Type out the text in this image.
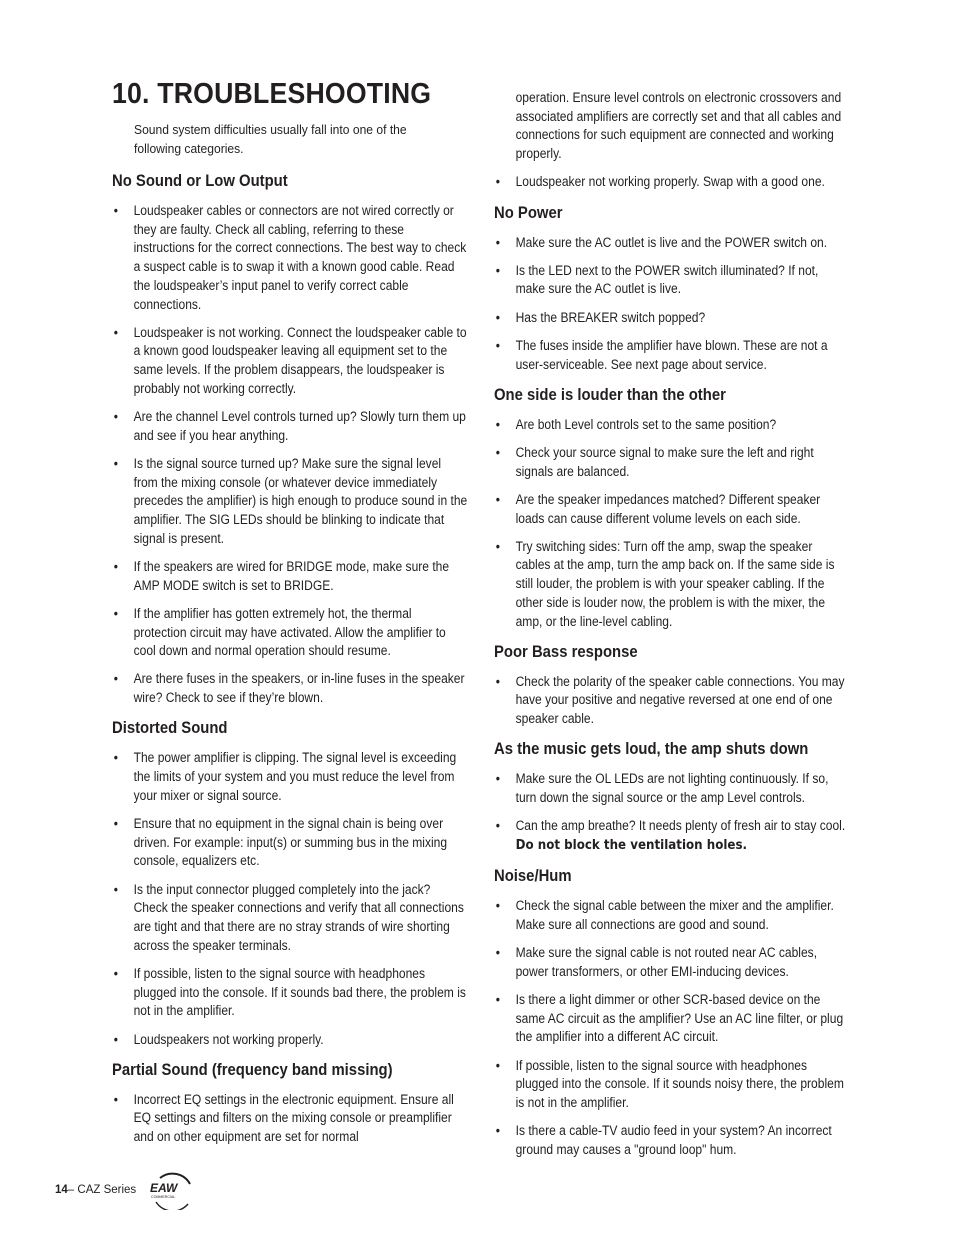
10. TROUBLESHOOTING

Sound system difficulties usually fall into one of the following categories.

No Sound or Low Output
•	Loudspeaker cables or connectors are not wired correctly or they are faulty. Check all cabling, referring to these instructions for the correct connections. The best way to check a suspect cable is to swap it with a known good cable. Read the loudspeaker’s input panel to verify correct cable connections.
•	Loudspeaker is not working. Connect the loudspeaker cable to a known good loudspeaker leaving all equipment set to the same levels. If the problem disappears, the loudspeaker is probably not working correctly.
•	Are the channel Level controls turned up? Slowly turn them up and see if you hear anything.
•	Is the signal source turned up? Make sure the signal level from the mixing console (or whatever device immediately precedes the amplifier) is high enough to produce sound in the amplifier. The SIG LEDs should be blinking to indicate that signal is present.
•	If the speakers are wired for BRIDGE mode, make sure the AMP MODE switch is set to BRIDGE.
•	If the amplifier has gotten extremely hot, the thermal protection circuit may have activated. Allow the amplifier to cool down and normal operation should resume.
•	Are there fuses in the speakers, or in-line fuses in the speaker wire? Check to see if they’re blown.
Distorted Sound
•	The power amplifier is clipping. The signal level is exceeding the limits of your system and you must reduce the level from your mixer or signal source.
•	Ensure that no equipment in the signal chain is being over driven. For example: input(s) or summing bus in the mixing console, equalizers etc.
•	Is the input connector plugged completely into the jack? Check the speaker connections and verify that all connections are tight and that there are no stray strands of wire shorting across the speaker terminals.
•	If possible, listen to the signal source with headphones plugged into the console. If it sounds bad there, the problem is not in the amplifier.
•	Loudspeakers not working properly.
Partial Sound (frequency band missing)
•	Incorrect EQ settings in the electronic equipment. Ensure all EQ settings and filters on the mixing console or preamplifier and on other equipment are set for normal

operation. Ensure level controls on electronic crossovers and associated amplifiers are correctly set and that all cables and connections for such equipment are connected and working properly.

•	Loudspeaker not working properly. Swap with a good one.
No Power
•	Make sure the AC outlet is live and the POWER switch on.
•	Is the LED next to the POWER switch illuminated? If not, make sure the AC outlet is live.
•	Has the BREAKER switch popped?
•	The fuses inside the amplifier have blown. These are not a user-serviceable. See next page about service.
One side is louder than the other
•	Are both Level controls set to the same position?
•	Check your source signal to make sure the left and right signals are balanced.
•	Are the speaker impedances matched? Different speaker loads can cause different volume levels on each side.
•	Try switching sides: Turn off the amp, swap the speaker cables at the amp, turn the amp back on. If the same side is still louder, the problem is with your speaker cabling. If the other side is louder now, the problem is with the mixer, the amp, or the line-level cabling.
Poor Bass response
•	Check the polarity of the speaker cable connections. You may have your positive and negative reversed at one end of one speaker cable.
As the music gets loud, the amp shuts down
•	Make sure the OL LEDs are not lighting continuously. If so, turn down the signal source or the amp Level controls.
•	Can the amp breathe? It needs plenty of fresh air to stay cool. Do not block the ventilation holes.
Noise/Hum
•	Check the signal cable between the mixer and the amplifier. Make sure all connections are good and sound.
•	Make sure the signal cable is not routed near AC cables, power transformers, or other EMI-inducing devices.
•	Is there a light dimmer or other SCR-based device on the same AC circuit as the amplifier? Use an AC line filter, or plug the amplifier into a different AC circuit.
•	If possible, listen to the signal source with headphones plugged into the console. If it sounds noisy there, the problem is not in the amplifier.
•	Is there a cable-TV audio feed in your system? An incorrect ground may causes a "ground loop" hum.
14 – CAZ Series EAW
COMMERCIAL
